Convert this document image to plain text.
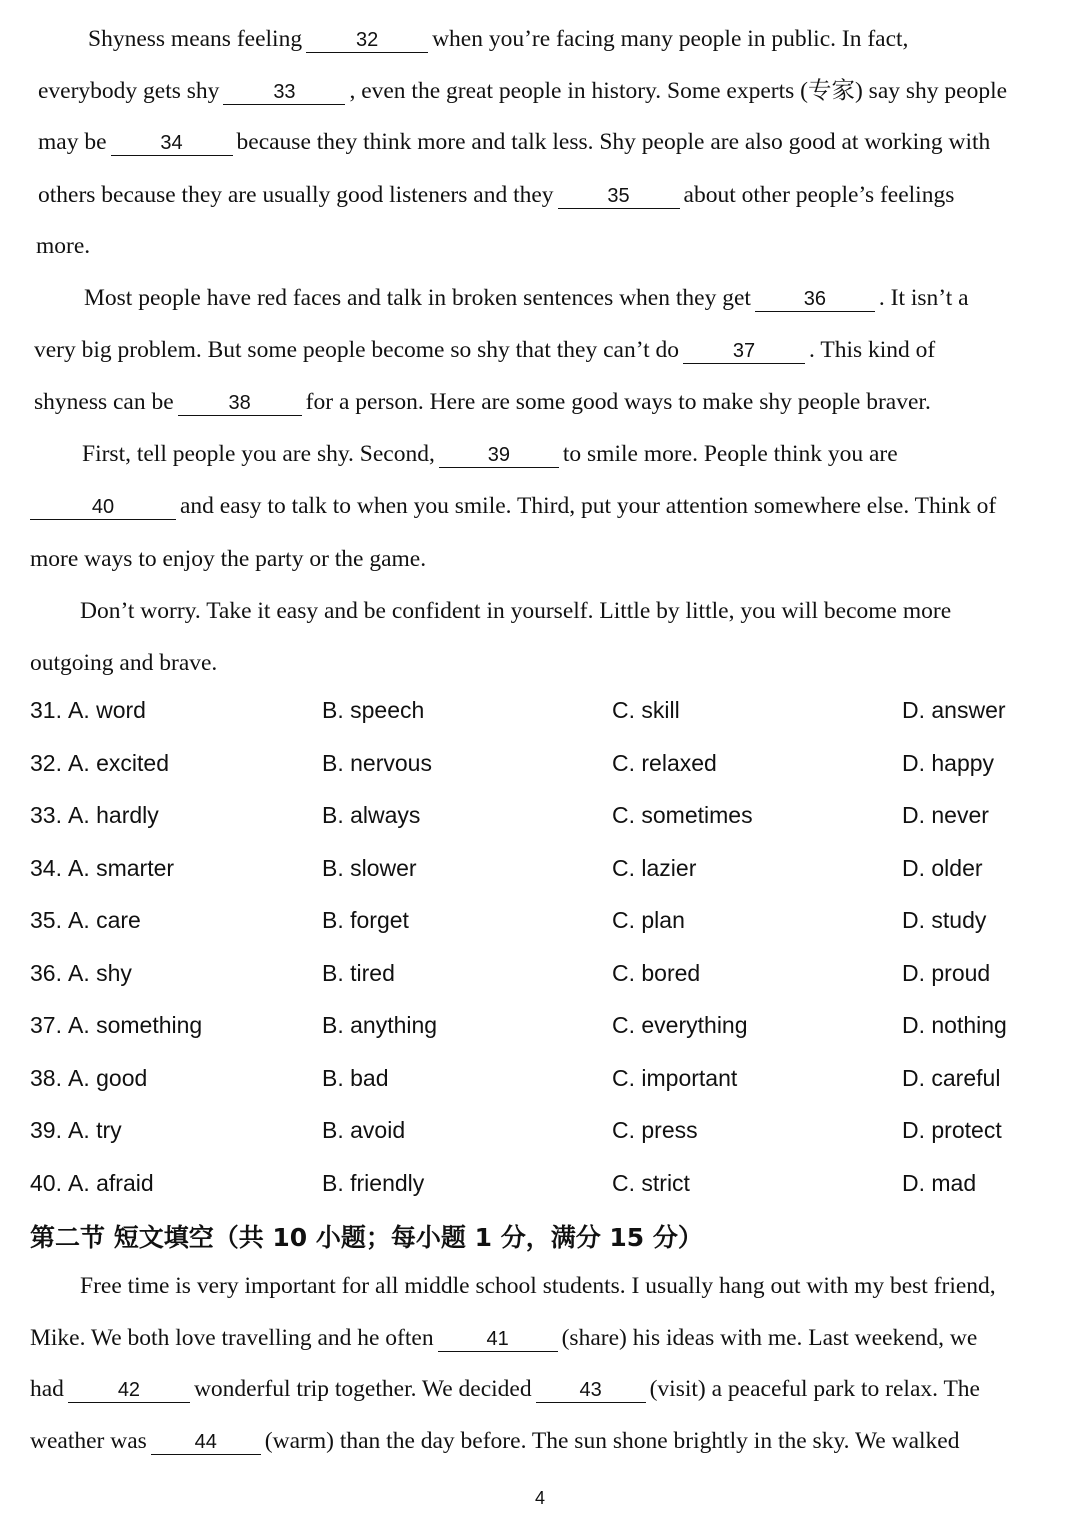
Shyness means feeling	32 when you’re facing many people in public. In fact,
everybody gets shy	33 , even the great people in history. Some experts (专家) say shy people
may be	34 because they think more and talk less. Shy people are also good at working with
others because they are usually good listeners and they	35 about other people’s feelings
more.
Most people have red faces and talk in broken sentences when they get	36 . It isn’t a
very big problem. But some people become so shy that they can’t do	37 . This kind of
shyness can be	38 for a person. Here are some good ways to make shy people braver.
First, tell people you are shy. Second,	39 to smile more. People think you are
40	and easy to talk to when you smile. Third, put your attention somewhere else. Think of
more ways to enjoy the party or the game.
Don’t worry. Take it easy and be confident in yourself. Little by little, you will become more
outgoing and brave.
31. A. word	B. speech	C. skill	D. answer
32. A. excited	B. nervous	C. relaxed	D. happy
33. A. hardly	B. always	C. sometimes	D. never
34. A. smarter	B. slower	C. lazier	D. older
35. A. care	B. forget	C. plan	D. study
36. A. shy	B. tired	C. bored	D. proud
37. A. something	B. anything	C. everything	D. nothing
38. A. good	B. bad	C. important	D. careful
39. A. try	B. avoid	C. press	D. protect
40. A. afraid	B. friendly	C. strict	D. mad
第二节 短文填空（共 10 小题；每小题 1 分，满分 15 分）
Free time is very important for all middle school students. I usually hang out with my best friend,
Mike. We both love travelling and he often	41 (share) his ideas with me. Last weekend, we
had	42 wonderful trip together. We decided 43 (visit) a peaceful park to relax. The
weather was 44 (warm) than the day before. The sun shone brightly in the sky. We walked
4
